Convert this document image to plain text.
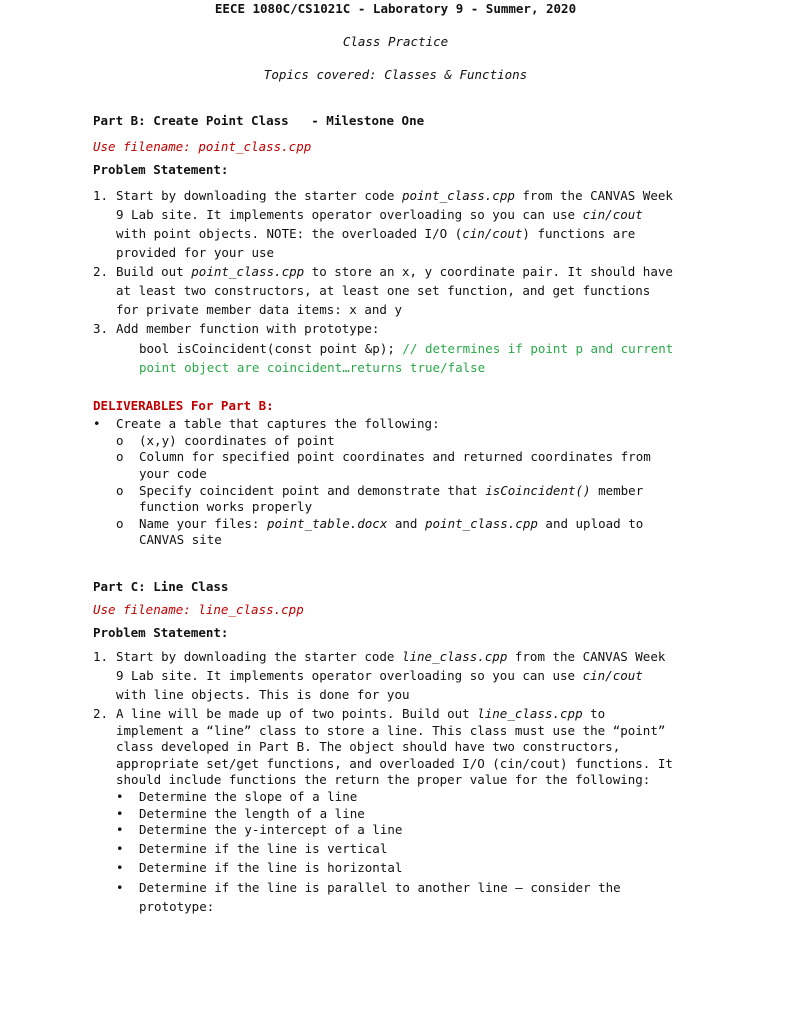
EECE 1080C/CS1021C - Laboratory 9 - Summer, 2020
Class Practice
Topics covered: Classes & Functions
Part B: Create Point Class   - Milestone One
Use filename: point_class.cpp
Problem Statement:
1. Start by downloading the starter code point_class.cpp from the CANVAS Week
9 Lab site. It implements operator overloading so you can use cin/cout
with point objects. NOTE: the overloaded I/O (cin/cout) functions are
provided for your use
2. Build out point_class.cpp to store an x, y coordinate pair. It should have
at least two constructors, at least one set function, and get functions
for private member data items: x and y
3. Add member function with prototype:
bool isCoincident(const point &p); // determines if point p and current
point object are coincident…returns true/false
DELIVERABLES For Part B:
• Create a table that captures the following:
o (x,y) coordinates of point
o Column for specified point coordinates and returned coordinates from
your code
o Specify coincident point and demonstrate that isCoincident() member
function works properly
o Name your files: point_table.docx and point_class.cpp and upload to
CANVAS site
Part C: Line Class
Use filename: line_class.cpp
Problem Statement:
1. Start by downloading the starter code line_class.cpp from the CANVAS Week
9 Lab site. It implements operator overloading so you can use cin/cout
with line objects. This is done for you
2. A line will be made up of two points. Build out line_class.cpp to
implement a “line” class to store a line. This class must use the “point”
class developed in Part B. The object should have two constructors,
appropriate set/get functions, and overloaded I/O (cin/cout) functions. It
should include functions the return the proper value for the following:
• Determine the slope of a line
• Determine the length of a line
• Determine the y-intercept of a line
• Determine if the line is vertical
• Determine if the line is horizontal
• Determine if the line is parallel to another line – consider the
prototype:
